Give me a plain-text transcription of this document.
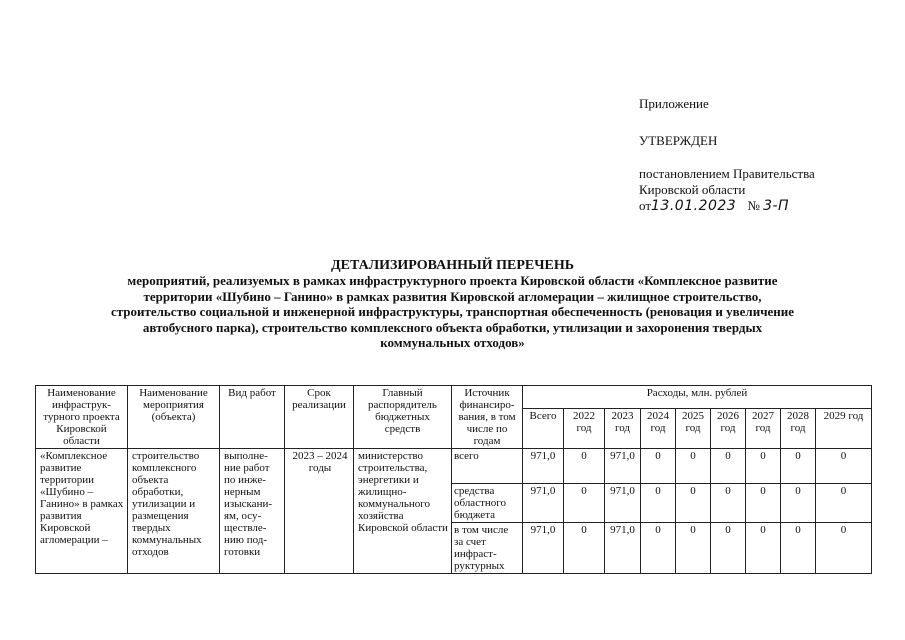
Приложение
УТВЕРЖДЕН
постановлением Правительства
Кировской области
от13.01.2023 № 3-П
ДЕТАЛИЗИРОВАННЫЙ ПЕРЕЧЕНЬ
мероприятий, реализуемых в рамках инфраструктурного проекта Кировской области «Комплексное развитие
территории «Шубино – Ганино» в рамках развития Кировской агломерации – жилищное строительство,
строительство социальной и инженерной инфраструктуры, транспортная обеспеченность (реновация и увеличение
автобусного парка), строительство комплексного объекта обработки, утилизации и захоронения твердых
коммунальных отходов»
Наименование инфраструк-турного проекта Кировской области	Наименование мероприятия (объекта)	Вид работ	Срок реализации	Главный распорядитель бюджетных средств	Источник финансиро-вания, в том числе по годам	Расходы, млн. рублей								
						Всего	2022 год	2023 год	2024 год	2025 год	2026 год	2027 год	2028 год	2029 год
«Комплексное развитие территории «Шубино – Ганино» в рамках развития Кировской агломерации –	строительство комплексного объекта обработки, утилизации и размещения твердых коммунальных отходов	выполне-ние работ по инже-нерным изыскани-ям, осу-ществле-нию под-готовки	2023 – 2024 годы	министерство строительства, энергетики и жилищно-коммунального хозяйства Кировской области	всего	971,0	0	971,0	0	0	0	0	0	0
					средства областного бюджета	971,0	0	971,0	0	0	0	0	0	0
					в том числе за счет инфраст-руктурных	971,0	0	971,0	0	0	0	0	0	0
